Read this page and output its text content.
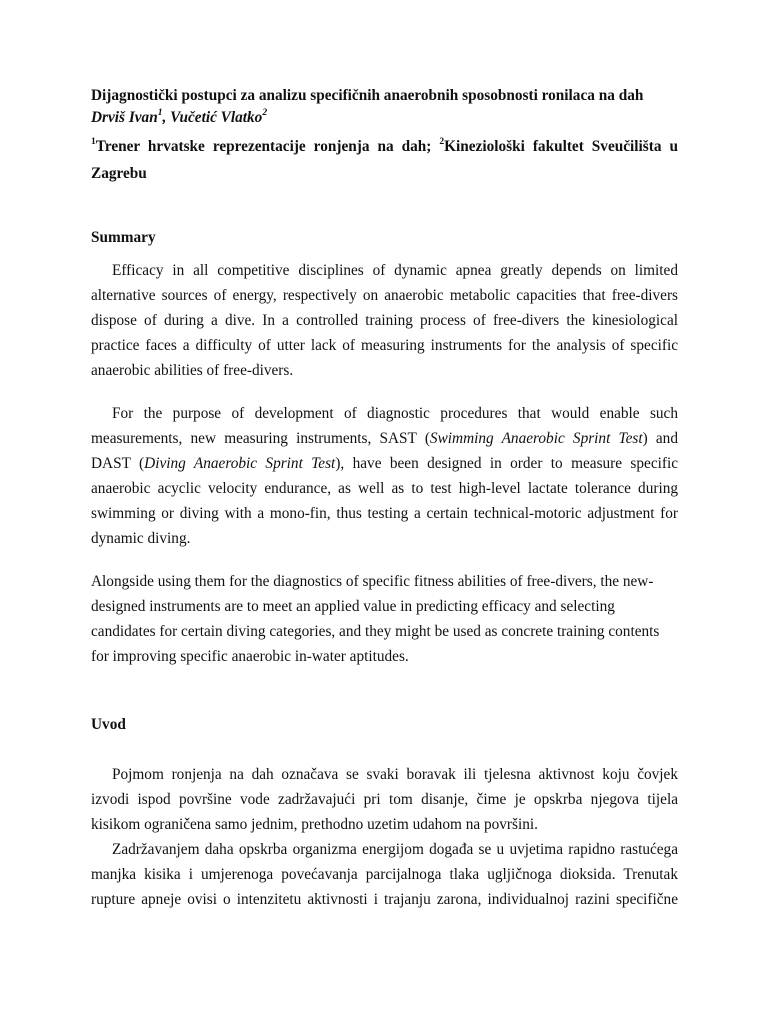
Dijagnostički postupci za analizu specifičnih anaerobnih sposobnosti ronilaca na dah
Drviš Ivan$^1$, Vučetić Vlatko$^2$
$^1$Trener hrvatske reprezentacije ronjenja na dah; $^2$Kineziološki fakultet Sveučilišta u
Zagrebu
Summary
Efficacy in all competitive disciplines of dynamic apnea greatly depends on limited
alternative sources of energy, respectively on anaerobic metabolic capacities that free-divers
dispose of during a dive. In a controlled training process of free-divers the kinesiological
practice faces a difficulty of utter lack of measuring instruments for the analysis of specific
anaerobic abilities of free-divers.
For the purpose of development of diagnostic procedures that would enable such
measurements, new measuring instruments, SAST (Swimming Anaerobic Sprint Test) and
DAST (Diving Anaerobic Sprint Test), have been designed in order to measure specific
anaerobic acyclic velocity endurance, as well as to test high-level lactate tolerance during
swimming or diving with a mono-fin, thus testing a certain technical-motoric adjustment for
dynamic diving.
Alongside using them for the diagnostics of specific fitness abilities of free-divers, the new-
designed instruments are to meet an applied value in predicting efficacy and selecting
candidates for certain diving categories, and they might be used as concrete training contents
for improving specific anaerobic in-water aptitudes.
Uvod
Pojmom ronjenja na dah označava se svaki boravak ili tjelesna aktivnost koju čovjek
izvodi ispod površine vode zadržavajući pri tom disanje, čime je opskrba njegova tijela
kisikom ograničena samo jednim, prethodno uzetim udahom na površini.
Zadržavanjem daha opskrba organizma energijom događa se u uvjetima rapidno rastućega
manjka kisika i umjerenoga povećavanja parcijalnoga tlaka ugljičnoga dioksida. Trenutak
rupture apneje ovisi o intenzitetu aktivnosti i trajanju zarona, individualnoj razini specifične
